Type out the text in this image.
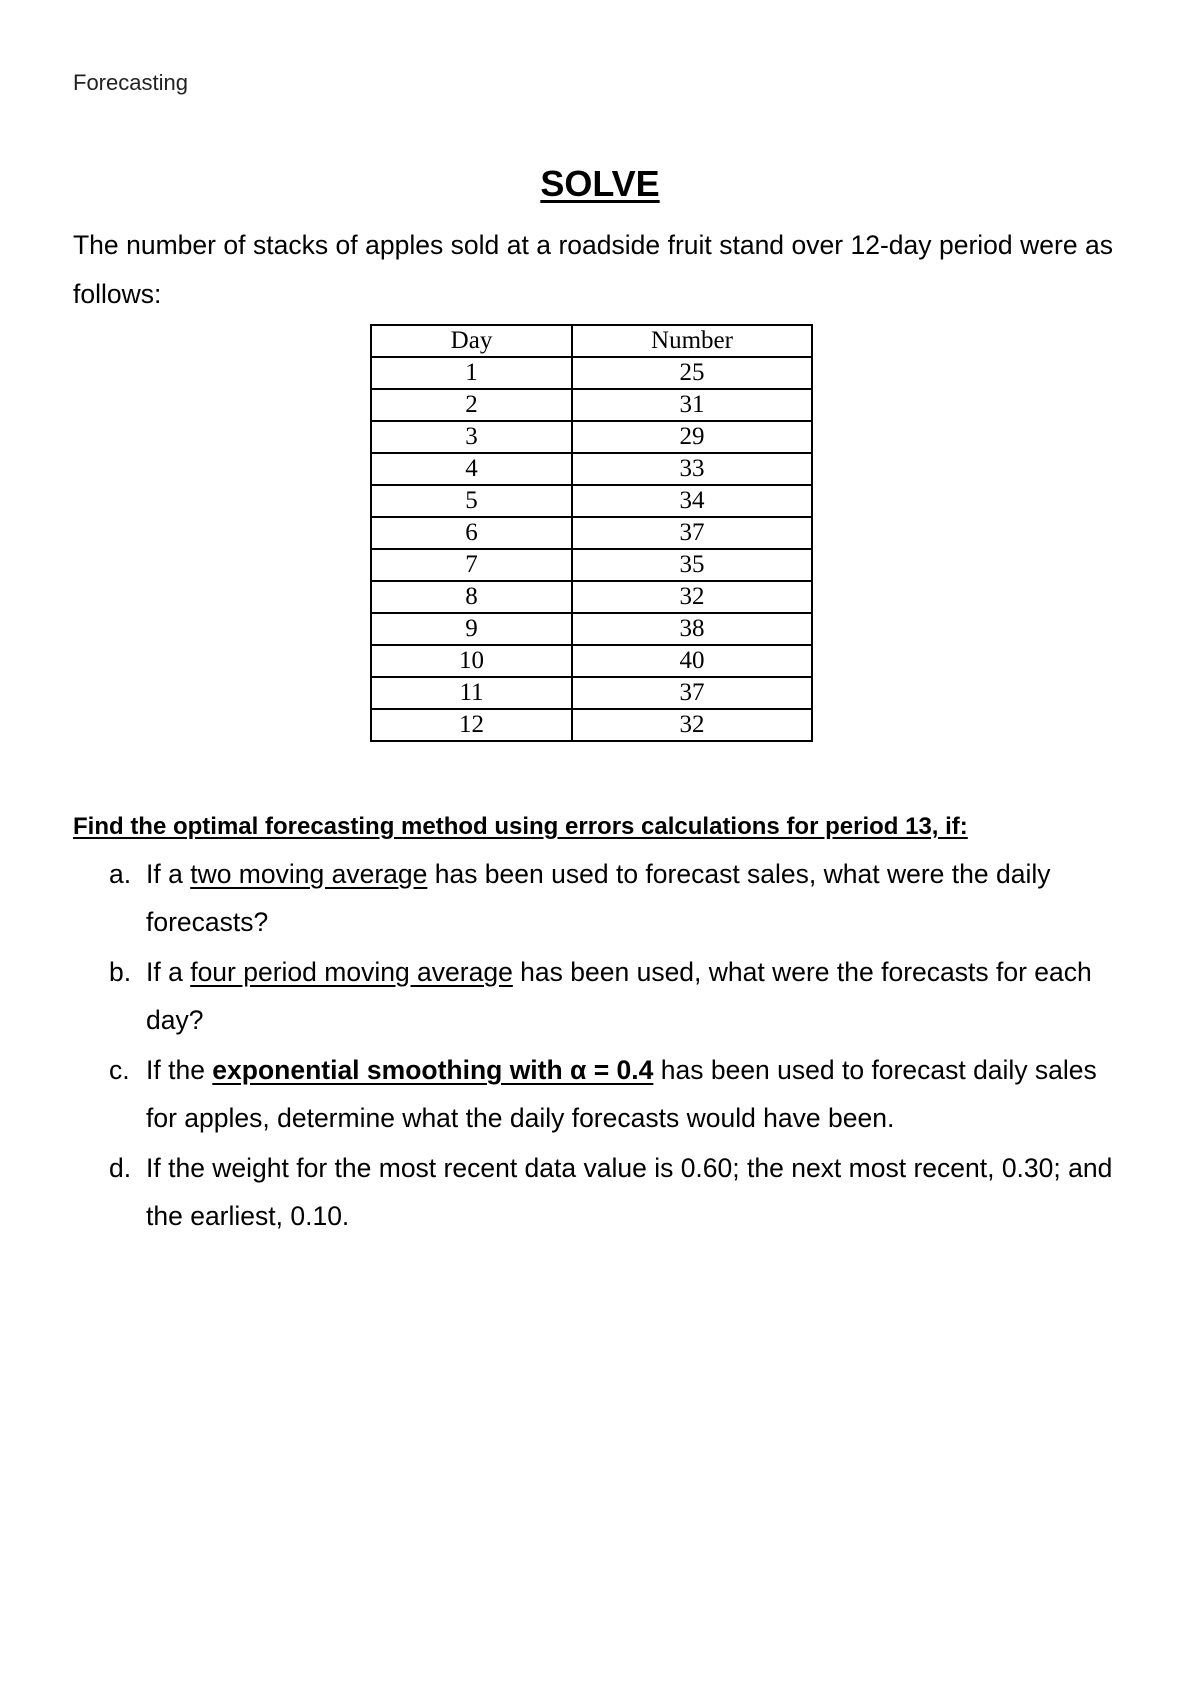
Forecasting
SOLVE
The number of stacks of apples sold at a roadside fruit stand over 12-day period were as follows:
Day	Number
1	25
2	31
3	29
4	33
5	34
6	37
7	35
8	32
9	38
10	40
11	37
12	32
Find the optimal forecasting method using errors calculations for period 13, if:
a. If a two moving average has been used to forecast sales, what were the daily forecasts?
b. If a four period moving average has been used, what were the forecasts for each day?
c. If the exponential smoothing with α = 0.4 has been used to forecast daily sales for apples, determine what the daily forecasts would have been.
d. If the weight for the most recent data value is 0.60; the next most recent, 0.30; and the earliest, 0.10.
